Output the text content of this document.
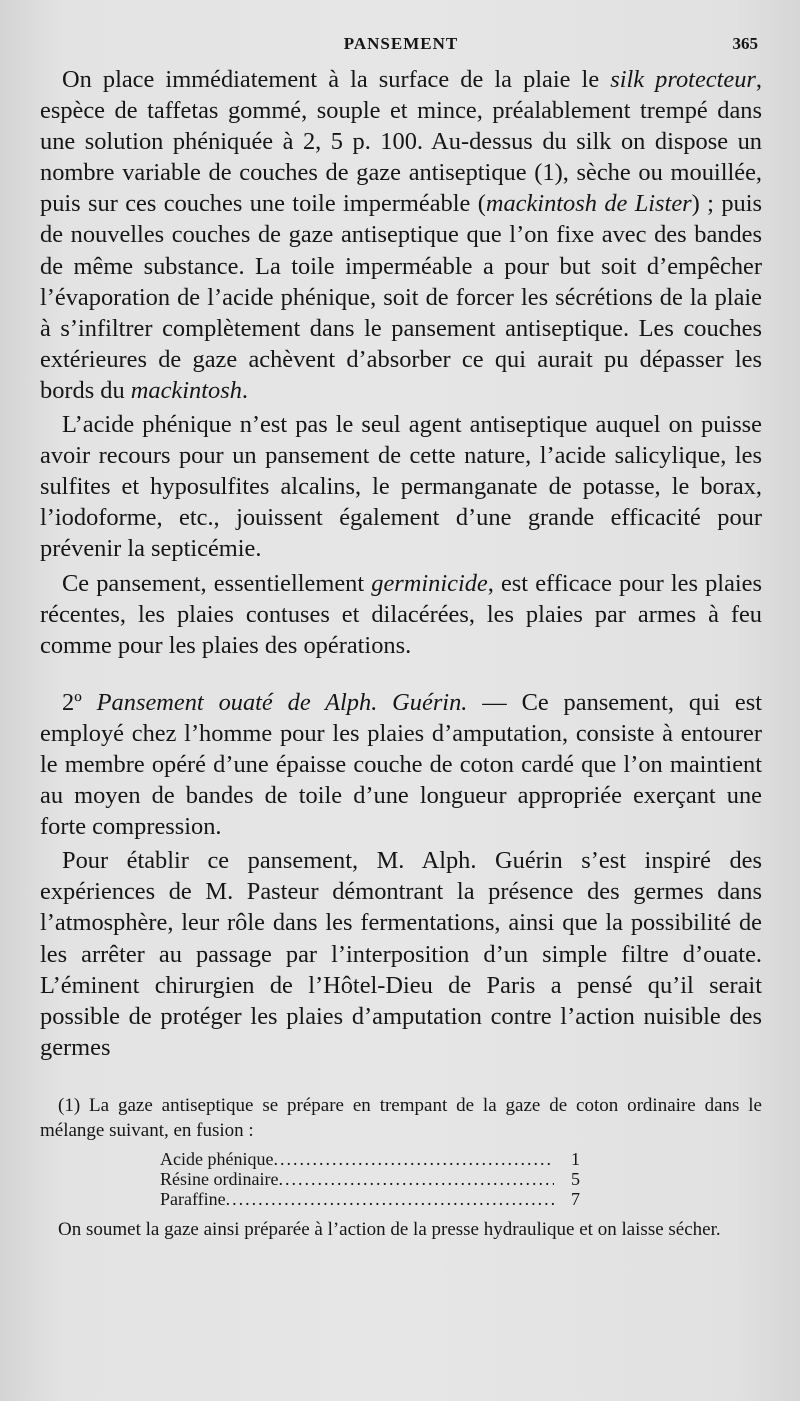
PANSEMENT	365

On place immédiatement à la surface de la plaie le silk protecteur, espèce de taffetas gommé, souple et mince, préalablement trempé dans une solution phéniquée à 2, 5 p. 100. Au-dessus du silk on dispose un nombre variable de couches de gaze antiseptique (1), sèche ou mouillée, puis sur ces couches une toile imperméable (mackintosh de Lister) ; puis de nouvelles couches de gaze antiseptique que l’on fixe avec des bandes de même substance. La toile imperméable a pour but soit d’empêcher l’évaporation de l’acide phénique, soit de forcer les sécrétions de la plaie à s’infiltrer complètement dans le pansement antiseptique. Les couches extérieures de gaze achèvent d’absorber ce qui aurait pu dépasser les bords du mackintosh.

L’acide phénique n’est pas le seul agent antiseptique auquel on puisse avoir recours pour un pansement de cette nature, l’acide salicylique, les sulfites et hyposulfites alcalins, le permanganate de potasse, le borax, l’iodoforme, etc., jouissent également d’une grande efficacité pour prévenir la septicémie.

Ce pansement, essentiellement germinicide, est efficace pour les plaies récentes, les plaies contuses et dilacérées, les plaies par armes à feu comme pour les plaies des opérations.

2º Pansement ouaté de Alph. Guérin. — Ce pansement, qui est employé chez l’homme pour les plaies d’amputation, consiste à entourer le membre opéré d’une épaisse couche de coton cardé que l’on maintient au moyen de bandes de toile d’une longueur appropriée exerçant une forte compression.

Pour établir ce pansement, M. Alph. Guérin s’est inspiré des expériences de M. Pasteur démontrant la présence des germes dans l’atmosphère, leur rôle dans les fermentations, ainsi que la possibilité de les arrêter au passage par l’interposition d’un simple filtre d’ouate. L’éminent chirurgien de l’Hôtel-Dieu de Paris a pensé qu’il serait possible de protéger les plaies d’amputation contre l’action nuisible des germes

(1) La gaze antiseptique se prépare en trempant de la gaze de coton ordinaire dans le mélange suivant, en fusion :

Acide phénique .....	1
Résine ordinaire .....	5
Paraffine .....	7

On soumet la gaze ainsi préparée à l’action de la presse hydraulique et on laisse sécher.
